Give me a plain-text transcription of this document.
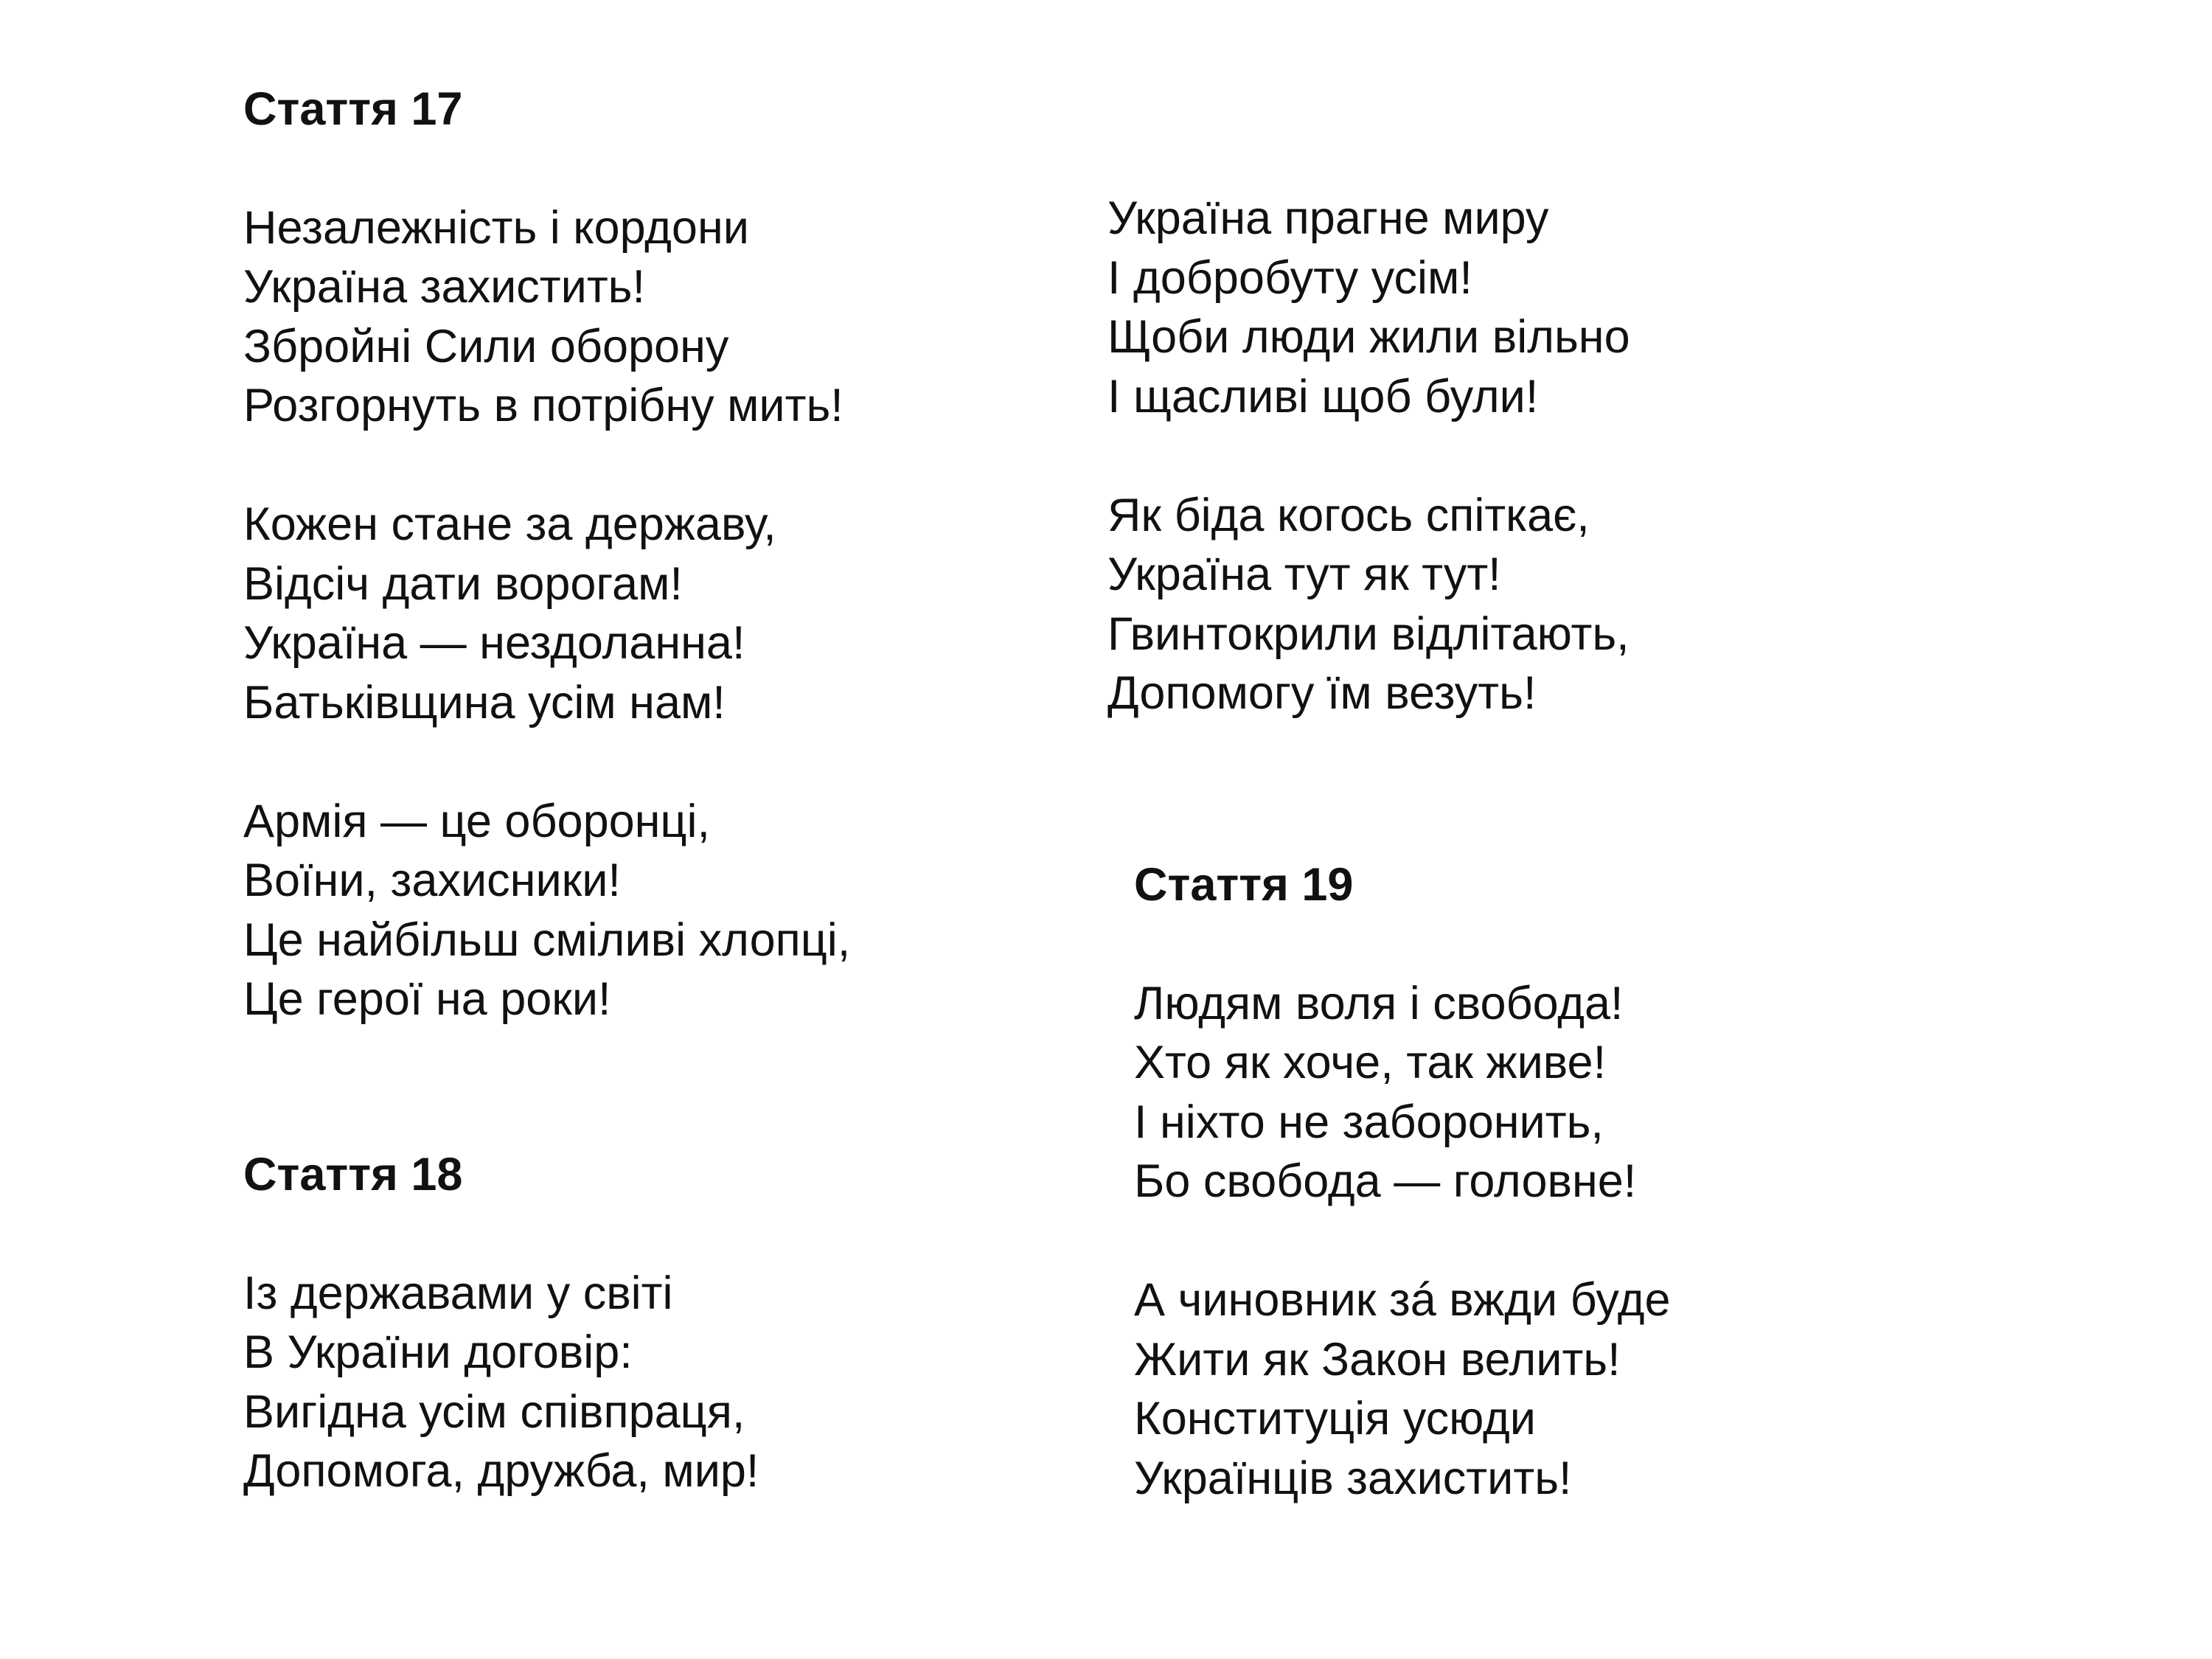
Стаття 17
Незалежність і кордони
Україна захистить!
Збройні Сили оборону
Розгорнуть в потрібну мить!
Кожен стане за державу,
Відсіч дати ворогам!
Україна — нездоланна!
Батьківщина усім нам!
Армія — це оборонці,
Воїни, захисники!
Це найбільш сміливі хлопці,
Це герої на роки!
Стаття 18
Із державами у світі
В України договір:
Вигідна усім співпраця,
Допомога, дружба, мир!
Україна прагне миру
І добробуту усім!
Щоби люди жили вільно
І щасливі щоб були!
Як біда когось спіткає,
Україна тут як тут!
Гвинтокрили відлітають,
Допомогу їм везуть!
Стаття 19
Людям воля і свобода!
Хто як хоче, так живе!
І ніхто не заборонить,
Бо свобода — головне!
А чиновник зá вжди буде
Жити як Закон велить!
Конституція усюди
Українців захистить!
